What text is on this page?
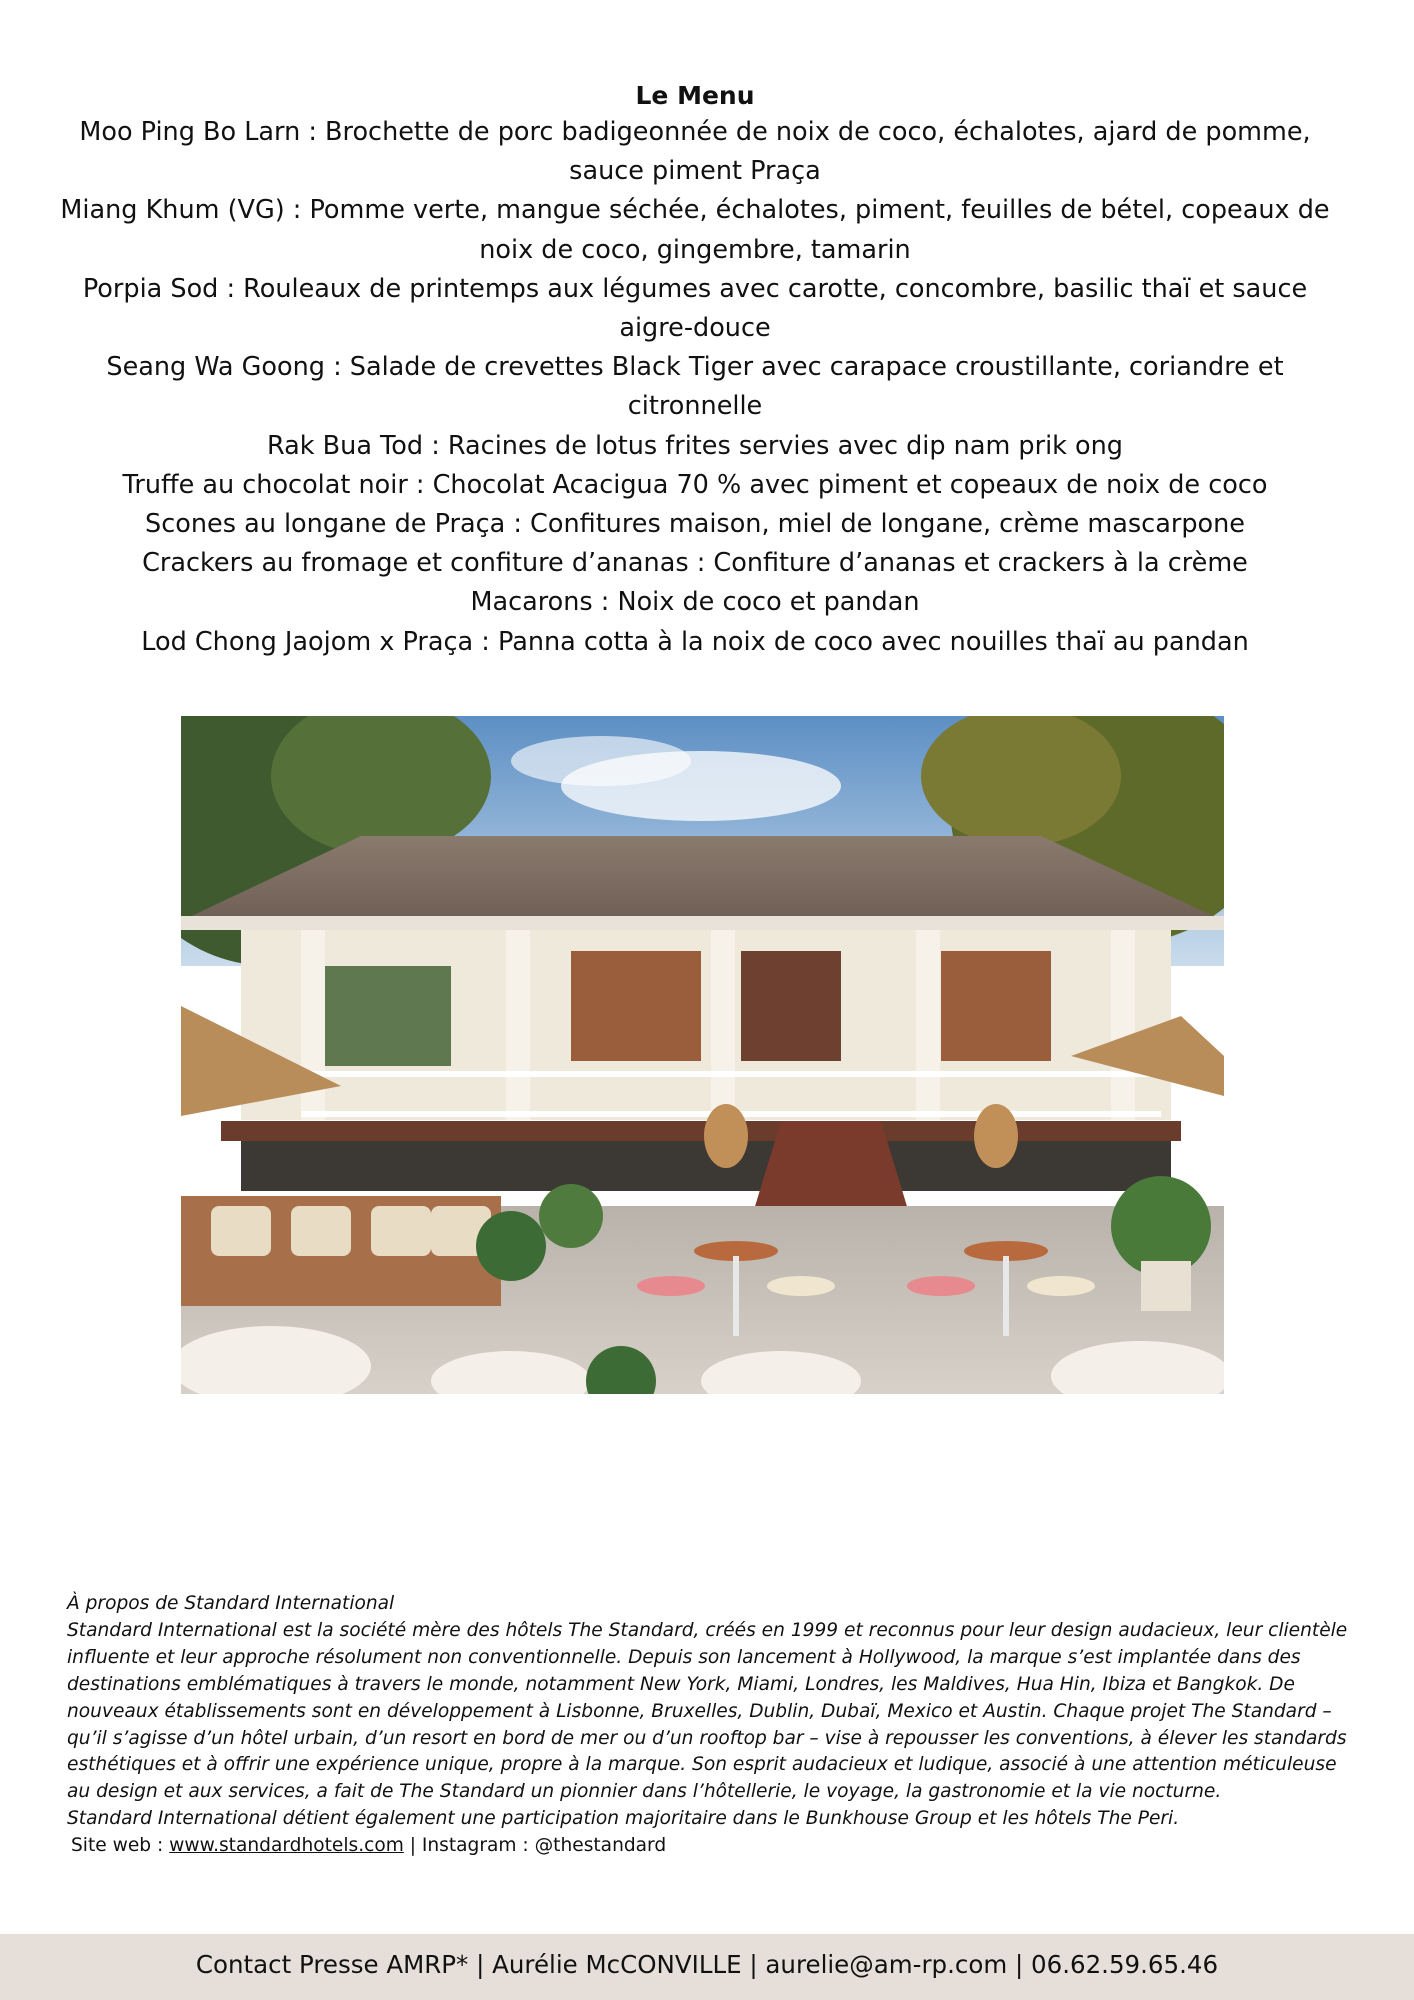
Le Menu

Moo Ping Bo Larn : Brochette de porc badigeonnée de noix de coco, échalotes, ajard de pomme, sauce piment Praça

Miang Khum (VG) : Pomme verte, mangue séchée, échalotes, piment, feuilles de bétel, copeaux de noix de coco, gingembre, tamarin

Porpia Sod : Rouleaux de printemps aux légumes avec carotte, concombre, basilic thaï et sauce aigre-douce

Seang Wa Goong : Salade de crevettes Black Tiger avec carapace croustillante, coriandre et citronnelle

Rak Bua Tod : Racines de lotus frites servies avec dip nam prik ong

Truffe au chocolat noir : Chocolat Acacigua 70 % avec piment et copeaux de noix de coco

Scones au longane de Praça : Confitures maison, miel de longane, crème mascarpone

Crackers au fromage et confiture d’ananas : Confiture d’ananas et crackers à la crème

Macarons : Noix de coco et pandan

Lod Chong Jaojom x Praça : Panna cotta à la noix de coco avec nouilles thaï au pandan

À propos de Standard International

Standard International est la société mère des hôtels The Standard, créés en 1999 et reconnus pour leur design audacieux, leur clientèle influente et leur approche résolument non conventionnelle. Depuis son lancement à Hollywood, la marque s’est implantée dans des destinations emblématiques à travers le monde, notamment New York, Miami, Londres, les Maldives, Hua Hin, Ibiza et Bangkok. De nouveaux établissements sont en développement à Lisbonne, Bruxelles, Dublin, Dubaï, Mexico et Austin. Chaque projet The Standard – qu’il s’agisse d’un hôtel urbain, d’un resort en bord de mer ou d’un rooftop bar – vise à repousser les conventions, à élever les standards esthétiques et à offrir une expérience unique, propre à la marque. Son esprit audacieux et ludique, associé à une attention méticuleuse au design et aux services, a fait de The Standard un pionnier dans l’hôtellerie, le voyage, la gastronomie et la vie nocturne.

Standard International détient également une participation majoritaire dans le Bunkhouse Group et les hôtels The Peri.

Site web : www.standardhotels.com | Instagram : @thestandard

Contact Presse AMRP* | Aurélie McCONVILLE | aurelie@am-rp.com | 06.62.59.65.46
